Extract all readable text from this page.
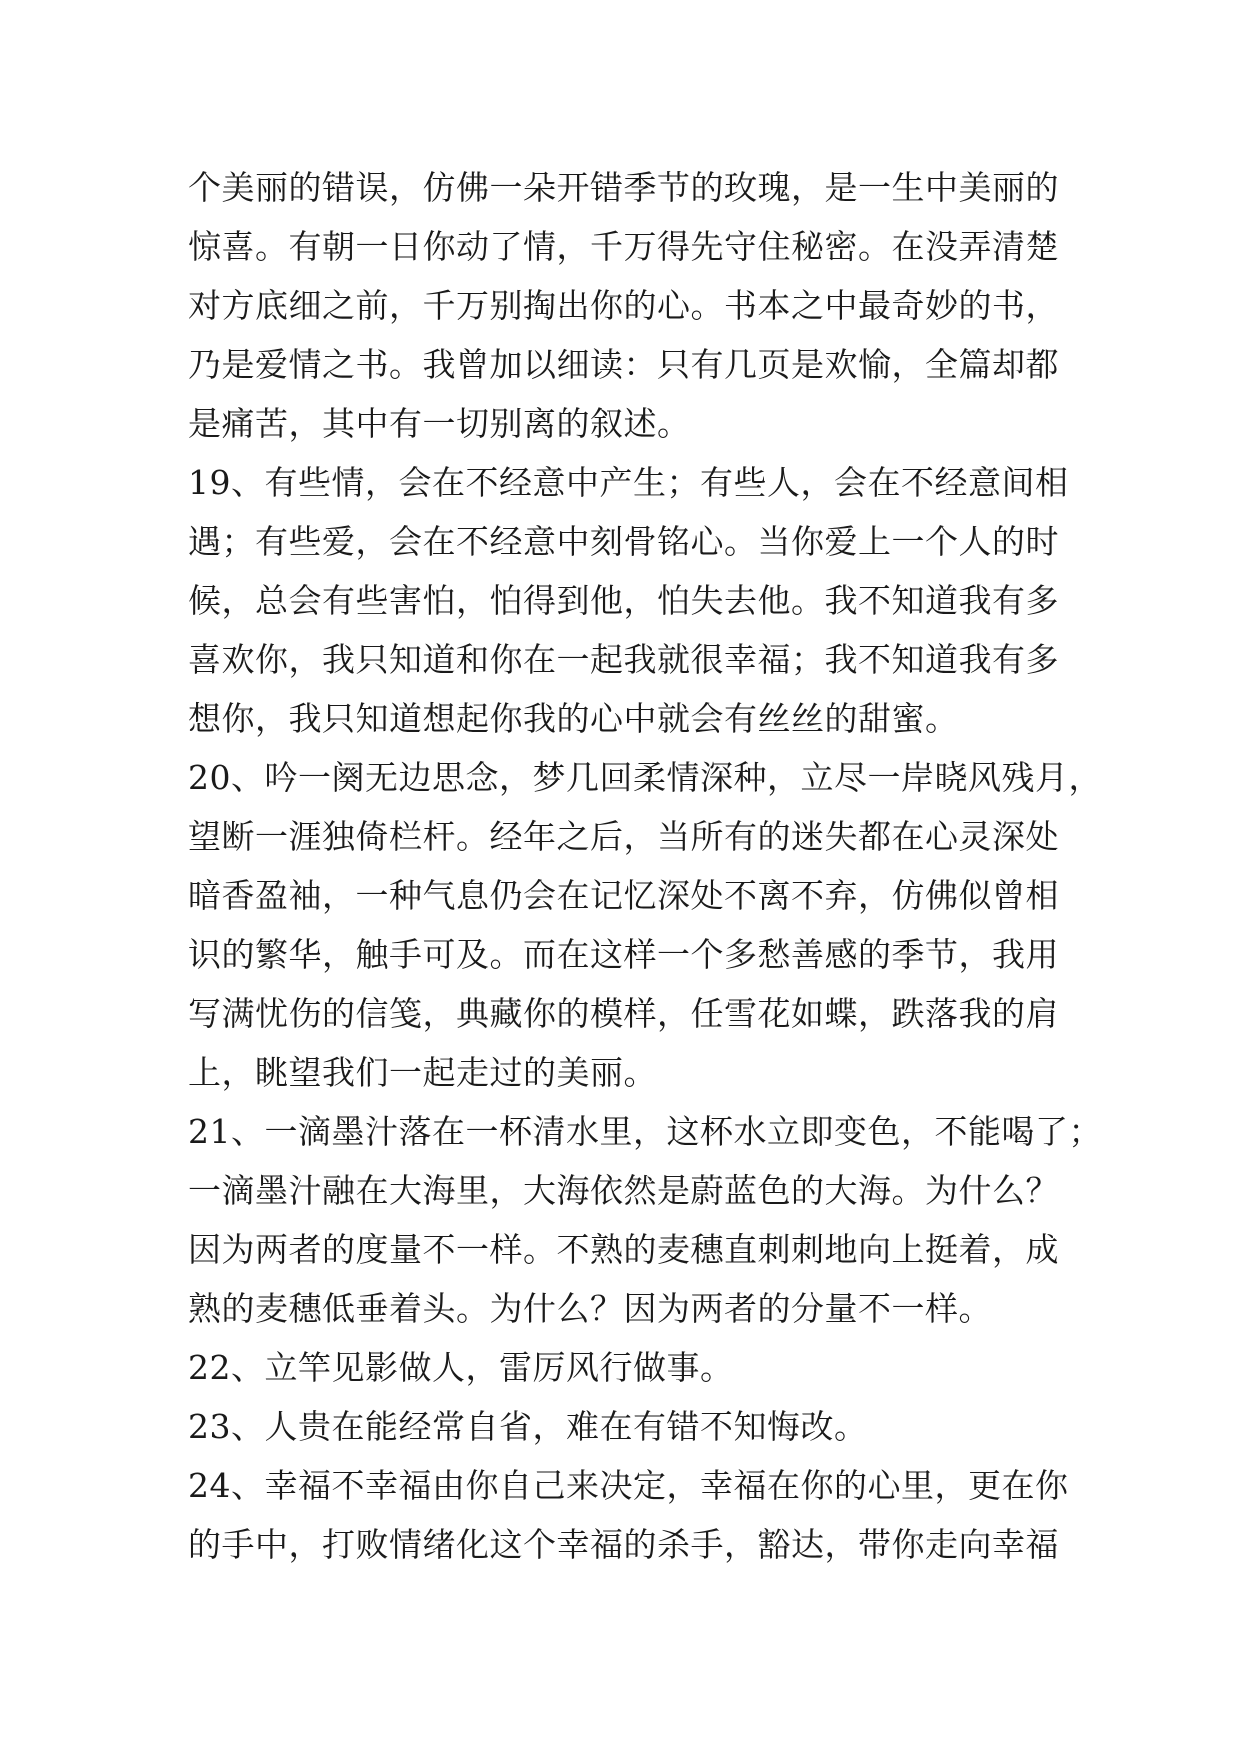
个美丽的错误，仿佛一朵开错季节的玫瑰，是一生中美丽的
惊喜。有朝一日你动了情，千万得先守住秘密。在没弄清楚
对方底细之前，千万别掏出你的心。书本之中最奇妙的书，
乃是爱情之书。我曾加以细读：只有几页是欢愉，全篇却都
是痛苦，其中有一切别离的叙述。
19、有些情，会在不经意中产生；有些人，会在不经意间相
遇；有些爱，会在不经意中刻骨铭心。当你爱上一个人的时
候，总会有些害怕，怕得到他，怕失去他。我不知道我有多
喜欢你，我只知道和你在一起我就很幸福；我不知道我有多
想你，我只知道想起你我的心中就会有丝丝的甜蜜。
20、吟一阕无边思念，梦几回柔情深种，立尽一岸晓风残月，
望断一涯独倚栏杆。经年之后，当所有的迷失都在心灵深处
暗香盈袖，一种气息仍会在记忆深处不离不弃，仿佛似曾相
识的繁华，触手可及。而在这样一个多愁善感的季节，我用
写满忧伤的信笺，典藏你的模样，任雪花如蝶，跌落我的肩
上，眺望我们一起走过的美丽。
21、一滴墨汁落在一杯清水里，这杯水立即变色，不能喝了；
一滴墨汁融在大海里，大海依然是蔚蓝色的大海。为什么？
因为两者的度量不一样。不熟的麦穗直刺刺地向上挺着，成
熟的麦穗低垂着头。为什么？因为两者的分量不一样。
22、立竿见影做人，雷厉风行做事。
23、人贵在能经常自省，难在有错不知悔改。
24、幸福不幸福由你自己来决定，幸福在你的心里，更在你
的手中，打败情绪化这个幸福的杀手，豁达，带你走向幸福
